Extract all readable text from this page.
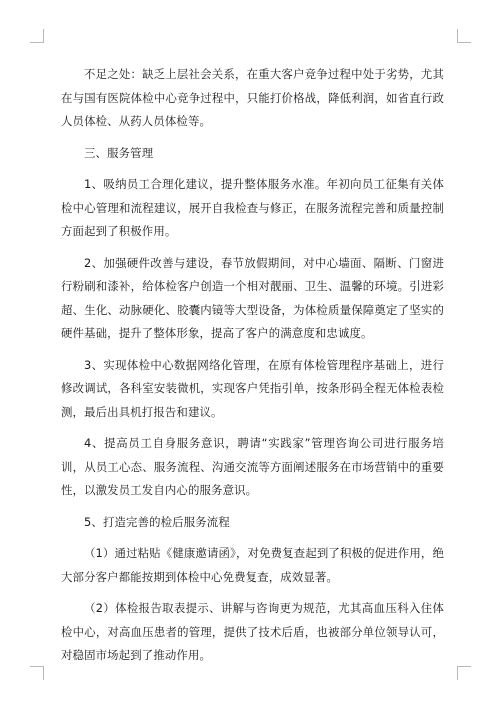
不足之处：缺乏上层社会关系，在重大客户竞争过程中处于劣势，尤其在与国有医院体检中心竞争过程中，只能打价格战，降低利润，如省直行政人员体检、从药人员体检等。

三、服务管理

1、吸纳员工合理化建议，提升整体服务水准。年初向员工征集有关体检中心管理和流程建议，展开自我检查与修正，在服务流程完善和质量控制方面起到了积极作用。

2、加强硬件改善与建设，春节放假期间，对中心墙面、隔断、门窗进行粉刷和漆补，给体检客户创造一个相对靓丽、卫生、温馨的环境。引进彩超、生化、动脉硬化、胶囊内镜等大型设备，为体检质量保障奠定了坚实的硬件基础，提升了整体形象，提高了客户的满意度和忠诚度。

3、实现体检中心数据网络化管理，在原有体检管理程序基础上，进行修改调试，各科室安装微机，实现客户凭指引单，按条形码全程无体检表检测，最后出具机打报告和建议。

4、提高员工自身服务意识，聘请“实践家”管理咨询公司进行服务培训，从员工心态、服务流程、沟通交流等方面阐述服务在市场营销中的重要性，以激发员工发自内心的服务意识。

5、打造完善的检后服务流程

（1）通过粘贴《健康邀请函》，对免费复查起到了积极的促进作用，绝大部分客户都能按期到体检中心免费复查，成效显著。

（2）体检报告取表提示、讲解与咨询更为规范，尤其高血压科入住体检中心，对高血压患者的管理，提供了技术后盾，也被部分单位领导认可，对稳固市场起到了推动作用。
